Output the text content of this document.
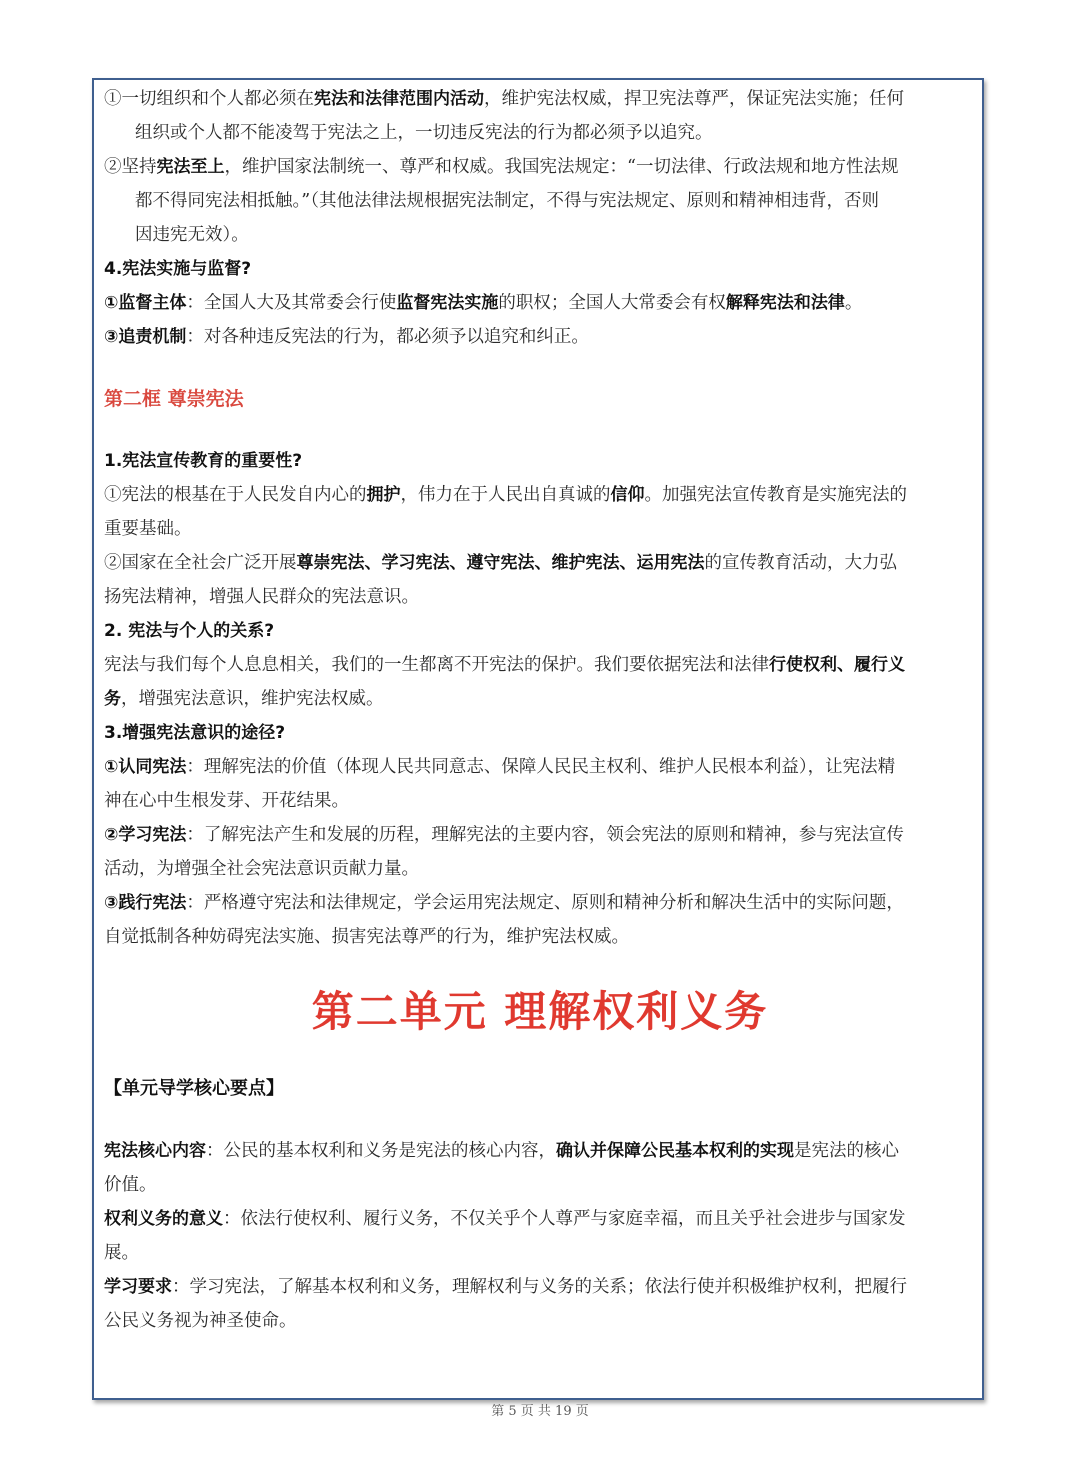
①一切组织和个人都必须在宪法和法律范围内活动，维护宪法权威，捍卫宪法尊严，保证宪法实施；任何

组织或个人都不能凌驾于宪法之上，一切违反宪法的行为都必须予以追究。

②坚持宪法至上，维护国家法制统一、尊严和权威。我国宪法规定：“一切法律、行政法规和地方性法规

都不得同宪法相抵触。”（其他法律法规根据宪法制定，不得与宪法规定、原则和精神相违背，否则

因违宪无效）。

4.宪法实施与监督?

①监督主体：全国人大及其常委会行使监督宪法实施的职权；全国人大常委会有权解释宪法和法律。

③追责机制：对各种违反宪法的行为，都必须予以追究和纠正。

第二框 尊崇宪法

1.宪法宣传教育的重要性?

①宪法的根基在于人民发自内心的拥护，伟力在于人民出自真诚的信仰。加强宪法宣传教育是实施宪法的

重要基础。

②国家在全社会广泛开展尊崇宪法、学习宪法、遵守宪法、维护宪法、运用宪法的宣传教育活动，大力弘

扬宪法精神，增强人民群众的宪法意识。

2. 宪法与个人的关系?

宪法与我们每个人息息相关，我们的一生都离不开宪法的保护。我们要依据宪法和法律行使权利、履行义

务，增强宪法意识，维护宪法权威。

3.增强宪法意识的途径?

①认同宪法：理解宪法的价值（体现人民共同意志、保障人民民主权利、维护人民根本利益），让宪法精

神在心中生根发芽、开花结果。

②学习宪法：了解宪法产生和发展的历程，理解宪法的主要内容，领会宪法的原则和精神，参与宪法宣传

活动，为增强全社会宪法意识贡献力量。

③践行宪法：严格遵守宪法和法律规定，学会运用宪法规定、原则和精神分析和解决生活中的实际问题，

自觉抵制各种妨碍宪法实施、损害宪法尊严的行为，维护宪法权威。

第二单元 理解权利义务
【单元导学核心要点】

宪法核心内容：公民的基本权利和义务是宪法的核心内容，确认并保障公民基本权利的实现是宪法的核心

价值。

权利义务的意义：依法行使权利、履行义务，不仅关乎个人尊严与家庭幸福，而且关乎社会进步与国家发

展。

学习要求：学习宪法，了解基本权利和义务，理解权利与义务的关系；依法行使并积极维护权利，把履行

公民义务视为神圣使命。

第 5 页 共 19 页
